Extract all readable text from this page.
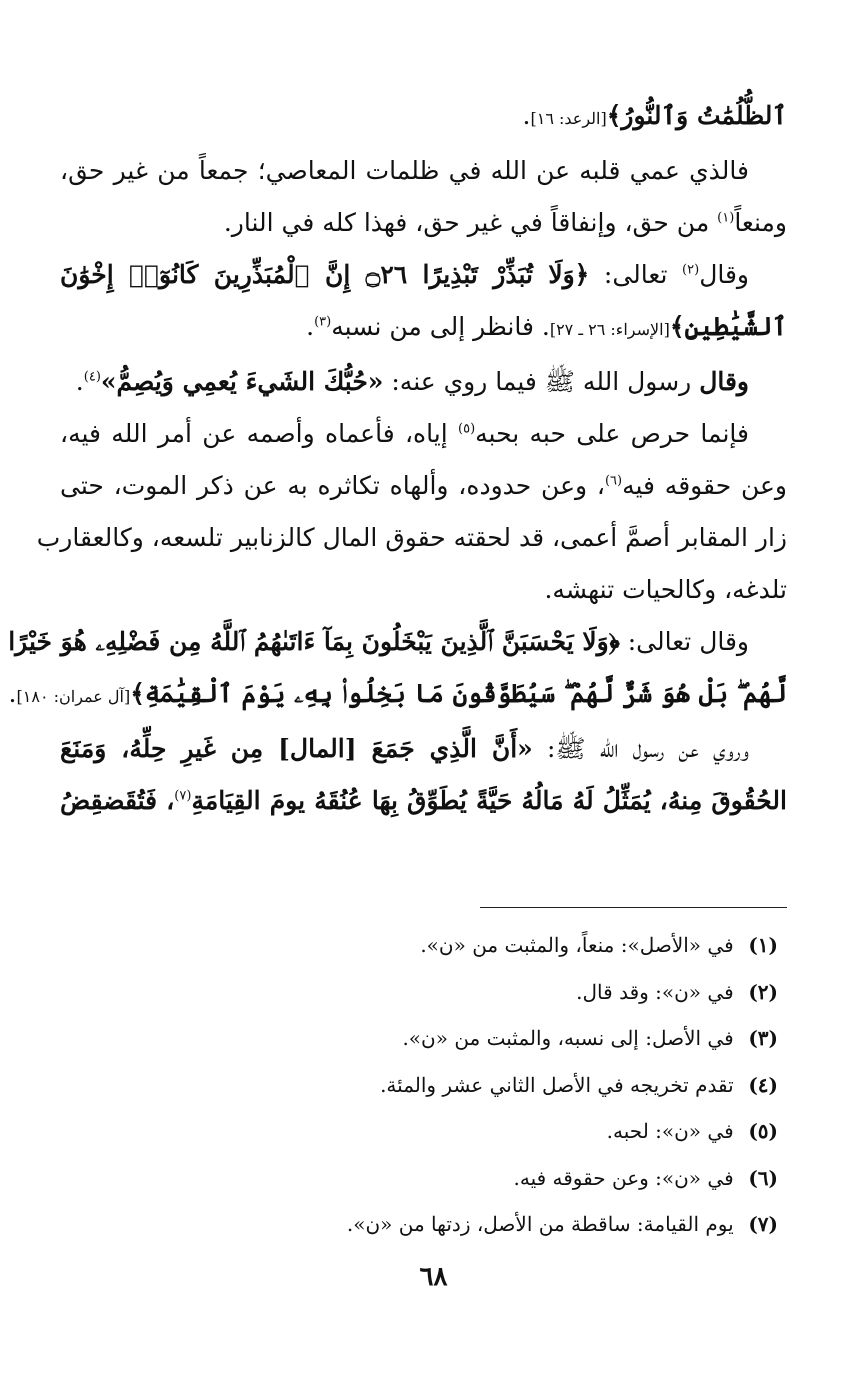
ٱلظُّلُمَٰتُ وَٱلنُّورُ﴾[الرعد: ١٦].
فالذي عمي قلبه عن الله في ظلمات المعاصي؛ جمعاً من غير حق،
ومنعاً$^{(١)}$ من حق، وإنفاقاً في غير حق، فهذا كله في النار.
وقال$^{(٢)}$ تعالى: ﴿وَلَا تُبَذِّرْ تَبْذِيرًا ۝٢٦ إِنَّ ٱلْمُبَذِّرِينَ كَانُوٓا۟ إِخْوَٰنَ
ٱلشَّيَٰطِينِ﴾[الإسراء: ٢٦ ـ ٢٧]. فانظر إلى من نسبه$^{(٣)}$.
وقال رسول الله ﷺ فيما روي عنه: «حُبُّكَ الشَيءَ يُعمِي وَيُصِمُّ»$^{(٤)}$.
فإنما حرص على حبه بحبه$^{(٥)}$ إياه، فأعماه وأصمه عن أمر الله فيه،
وعن حقوقه فيه$^{(٦)}$، وعن حدوده، وألهاه تكاثره به عن ذكر الموت، حتى
زار المقابر أصمَّ أعمى، قد لحقته حقوق المال كالزنابير تلسعه، وكالعقارب
تلدغه، وكالحيات تنهشه.
وقال تعالى: ﴿وَلَا يَحْسَبَنَّ ٱلَّذِينَ يَبْخَلُونَ بِمَآ ءَاتَىٰهُمُ ٱللَّهُ مِن فَضْلِهِۦ هُوَ خَيْرًا
لَّهُم ۖ بَلْ هُوَ شَرٌّ لَّهُمْ ۖ سَيُطَوَّقُونَ مَا بَخِلُوا۟ بِهِۦ يَوْمَ ٱلْقِيَٰمَةِ﴾[آل عمران: ١٨٠].
وروي عن رسول الله ﷺ: «أَنَّ الَّذِي جَمَعَ [المال] مِن غَيرِ حِلِّهُ، وَمَنَعَ
الحُقُوقَ مِنهُ، يُمَثِّلُ لَهُ مَالُهُ حَيَّةً يُطَوِّقُ بِهَا عُنُقَهُ يومَ القِيَامَةِ$^{(٧)}$، فَتُقَضقِضُ
(١) في «الأصل»: منعاً، والمثبت من «ن».
(٢) في «ن»: وقد قال.
(٣) في الأصل: إلى نسبه، والمثبت من «ن».
(٤) تقدم تخريجه في الأصل الثاني عشر والمئة.
(٥) في «ن»: لحبه.
(٦) في «ن»: وعن حقوقه فيه.
(٧) يوم القيامة: ساقطة من الأصل، زدتها من «ن».
٦٨
